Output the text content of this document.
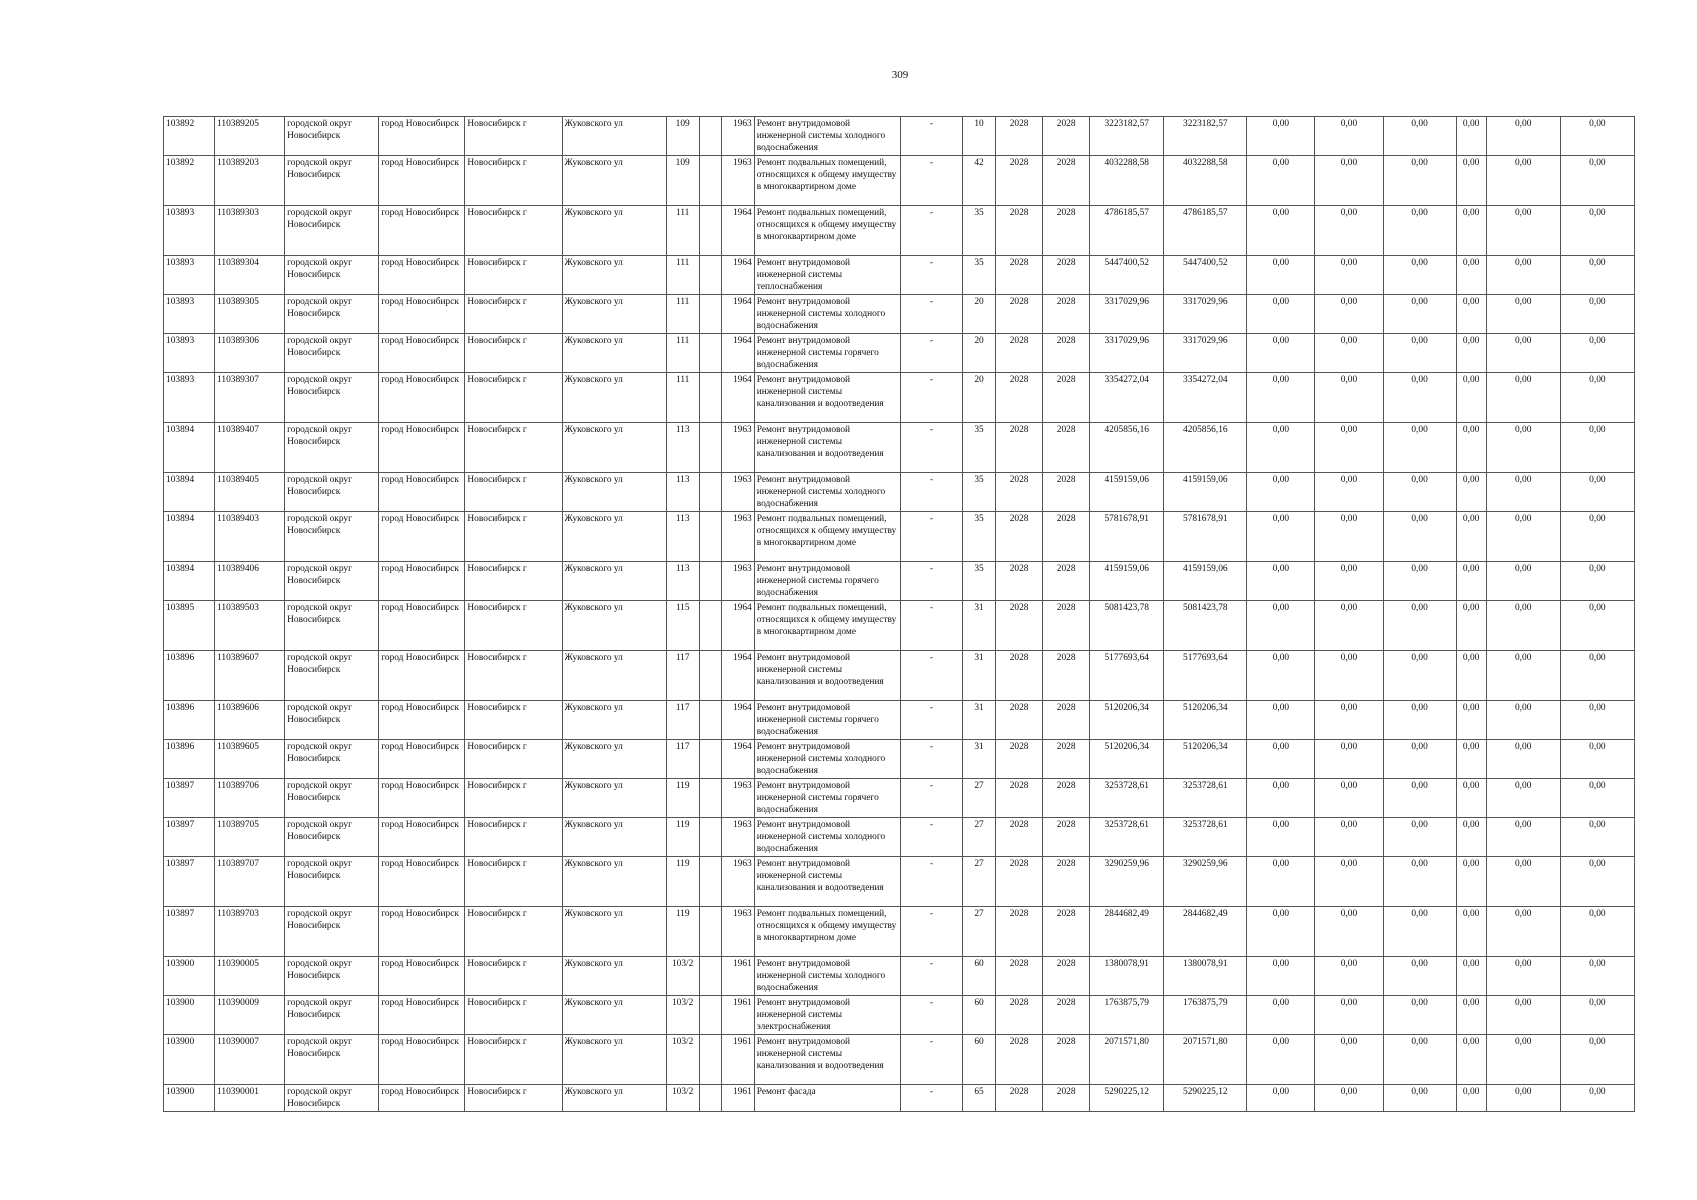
309
103892	110389205	городской округ Новосибирск	город Новосибирск	Новосибирск г	Жуковского ул	109		1963	Ремонт внутридомовой инженерной системы холодного водоснабжения	-	10	2028	2028	3223182,57	3223182,57	0,00	0,00	0,00	0,00	0,00	0,00
103892	110389203	городской округ Новосибирск	город Новосибирск	Новосибирск г	Жуковского ул	109		1963	Ремонт подвальных помещений, относящихся к общему имуществу в многоквартирном доме	-	42	2028	2028	4032288,58	4032288,58	0,00	0,00	0,00	0,00	0,00	0,00
103893	110389303	городской округ Новосибирск	город Новосибирск	Новосибирск г	Жуковского ул	111		1964	Ремонт подвальных помещений, относящихся к общему имуществу в многоквартирном доме	-	35	2028	2028	4786185,57	4786185,57	0,00	0,00	0,00	0,00	0,00	0,00
103893	110389304	городской округ Новосибирск	город Новосибирск	Новосибирск г	Жуковского ул	111		1964	Ремонт внутридомовой инженерной системы теплоснабжения	-	35	2028	2028	5447400,52	5447400,52	0,00	0,00	0,00	0,00	0,00	0,00
103893	110389305	городской округ Новосибирск	город Новосибирск	Новосибирск г	Жуковского ул	111		1964	Ремонт внутридомовой инженерной системы холодного водоснабжения	-	20	2028	2028	3317029,96	3317029,96	0,00	0,00	0,00	0,00	0,00	0,00
103893	110389306	городской округ Новосибирск	город Новосибирск	Новосибирск г	Жуковского ул	111		1964	Ремонт внутридомовой инженерной системы горячего водоснабжения	-	20	2028	2028	3317029,96	3317029,96	0,00	0,00	0,00	0,00	0,00	0,00
103893	110389307	городской округ Новосибирск	город Новосибирск	Новосибирск г	Жуковского ул	111		1964	Ремонт внутридомовой инженерной системы канализования и водоотведения	-	20	2028	2028	3354272,04	3354272,04	0,00	0,00	0,00	0,00	0,00	0,00
103894	110389407	городской округ Новосибирск	город Новосибирск	Новосибирск г	Жуковского ул	113		1963	Ремонт внутридомовой инженерной системы канализования и водоотведения	-	35	2028	2028	4205856,16	4205856,16	0,00	0,00	0,00	0,00	0,00	0,00
103894	110389405	городской округ Новосибирск	город Новосибирск	Новосибирск г	Жуковского ул	113		1963	Ремонт внутридомовой инженерной системы холодного водоснабжения	-	35	2028	2028	4159159,06	4159159,06	0,00	0,00	0,00	0,00	0,00	0,00
103894	110389403	городской округ Новосибирск	город Новосибирск	Новосибирск г	Жуковского ул	113		1963	Ремонт подвальных помещений, относящихся к общему имуществу в многоквартирном доме	-	35	2028	2028	5781678,91	5781678,91	0,00	0,00	0,00	0,00	0,00	0,00
103894	110389406	городской округ Новосибирск	город Новосибирск	Новосибирск г	Жуковского ул	113		1963	Ремонт внутридомовой инженерной системы горячего водоснабжения	-	35	2028	2028	4159159,06	4159159,06	0,00	0,00	0,00	0,00	0,00	0,00
103895	110389503	городской округ Новосибирск	город Новосибирск	Новосибирск г	Жуковского ул	115		1964	Ремонт подвальных помещений, относящихся к общему имуществу в многоквартирном доме	-	31	2028	2028	5081423,78	5081423,78	0,00	0,00	0,00	0,00	0,00	0,00
103896	110389607	городской округ Новосибирск	город Новосибирск	Новосибирск г	Жуковского ул	117		1964	Ремонт внутридомовой инженерной системы канализования и водоотведения	-	31	2028	2028	5177693,64	5177693,64	0,00	0,00	0,00	0,00	0,00	0,00
103896	110389606	городской округ Новосибирск	город Новосибирск	Новосибирск г	Жуковского ул	117		1964	Ремонт внутридомовой инженерной системы горячего водоснабжения	-	31	2028	2028	5120206,34	5120206,34	0,00	0,00	0,00	0,00	0,00	0,00
103896	110389605	городской округ Новосибирск	город Новосибирск	Новосибирск г	Жуковского ул	117		1964	Ремонт внутридомовой инженерной системы холодного водоснабжения	-	31	2028	2028	5120206,34	5120206,34	0,00	0,00	0,00	0,00	0,00	0,00
103897	110389706	городской округ Новосибирск	город Новосибирск	Новосибирск г	Жуковского ул	119		1963	Ремонт внутридомовой инженерной системы горячего водоснабжения	-	27	2028	2028	3253728,61	3253728,61	0,00	0,00	0,00	0,00	0,00	0,00
103897	110389705	городской округ Новосибирск	город Новосибирск	Новосибирск г	Жуковского ул	119		1963	Ремонт внутридомовой инженерной системы холодного водоснабжения	-	27	2028	2028	3253728,61	3253728,61	0,00	0,00	0,00	0,00	0,00	0,00
103897	110389707	городской округ Новосибирск	город Новосибирск	Новосибирск г	Жуковского ул	119		1963	Ремонт внутридомовой инженерной системы канализования и водоотведения	-	27	2028	2028	3290259,96	3290259,96	0,00	0,00	0,00	0,00	0,00	0,00
103897	110389703	городской округ Новосибирск	город Новосибирск	Новосибирск г	Жуковского ул	119		1963	Ремонт подвальных помещений, относящихся к общему имуществу в многоквартирном доме	-	27	2028	2028	2844682,49	2844682,49	0,00	0,00	0,00	0,00	0,00	0,00
103900	110390005	городской округ Новосибирск	город Новосибирск	Новосибирск г	Жуковского ул	103/2		1961	Ремонт внутридомовой инженерной системы холодного водоснабжения	-	60	2028	2028	1380078,91	1380078,91	0,00	0,00	0,00	0,00	0,00	0,00
103900	110390009	городской округ Новосибирск	город Новосибирск	Новосибирск г	Жуковского ул	103/2		1961	Ремонт внутридомовой инженерной системы электроснабжения	-	60	2028	2028	1763875,79	1763875,79	0,00	0,00	0,00	0,00	0,00	0,00
103900	110390007	городской округ Новосибирск	город Новосибирск	Новосибирск г	Жуковского ул	103/2		1961	Ремонт внутридомовой инженерной системы канализования и водоотведения	-	60	2028	2028	2071571,80	2071571,80	0,00	0,00	0,00	0,00	0,00	0,00
103900	110390001	городской округ Новосибирск	город Новосибирск	Новосибирск г	Жуковского ул	103/2		1961	Ремонт фасада	-	65	2028	2028	5290225,12	5290225,12	0,00	0,00	0,00	0,00	0,00	0,00
